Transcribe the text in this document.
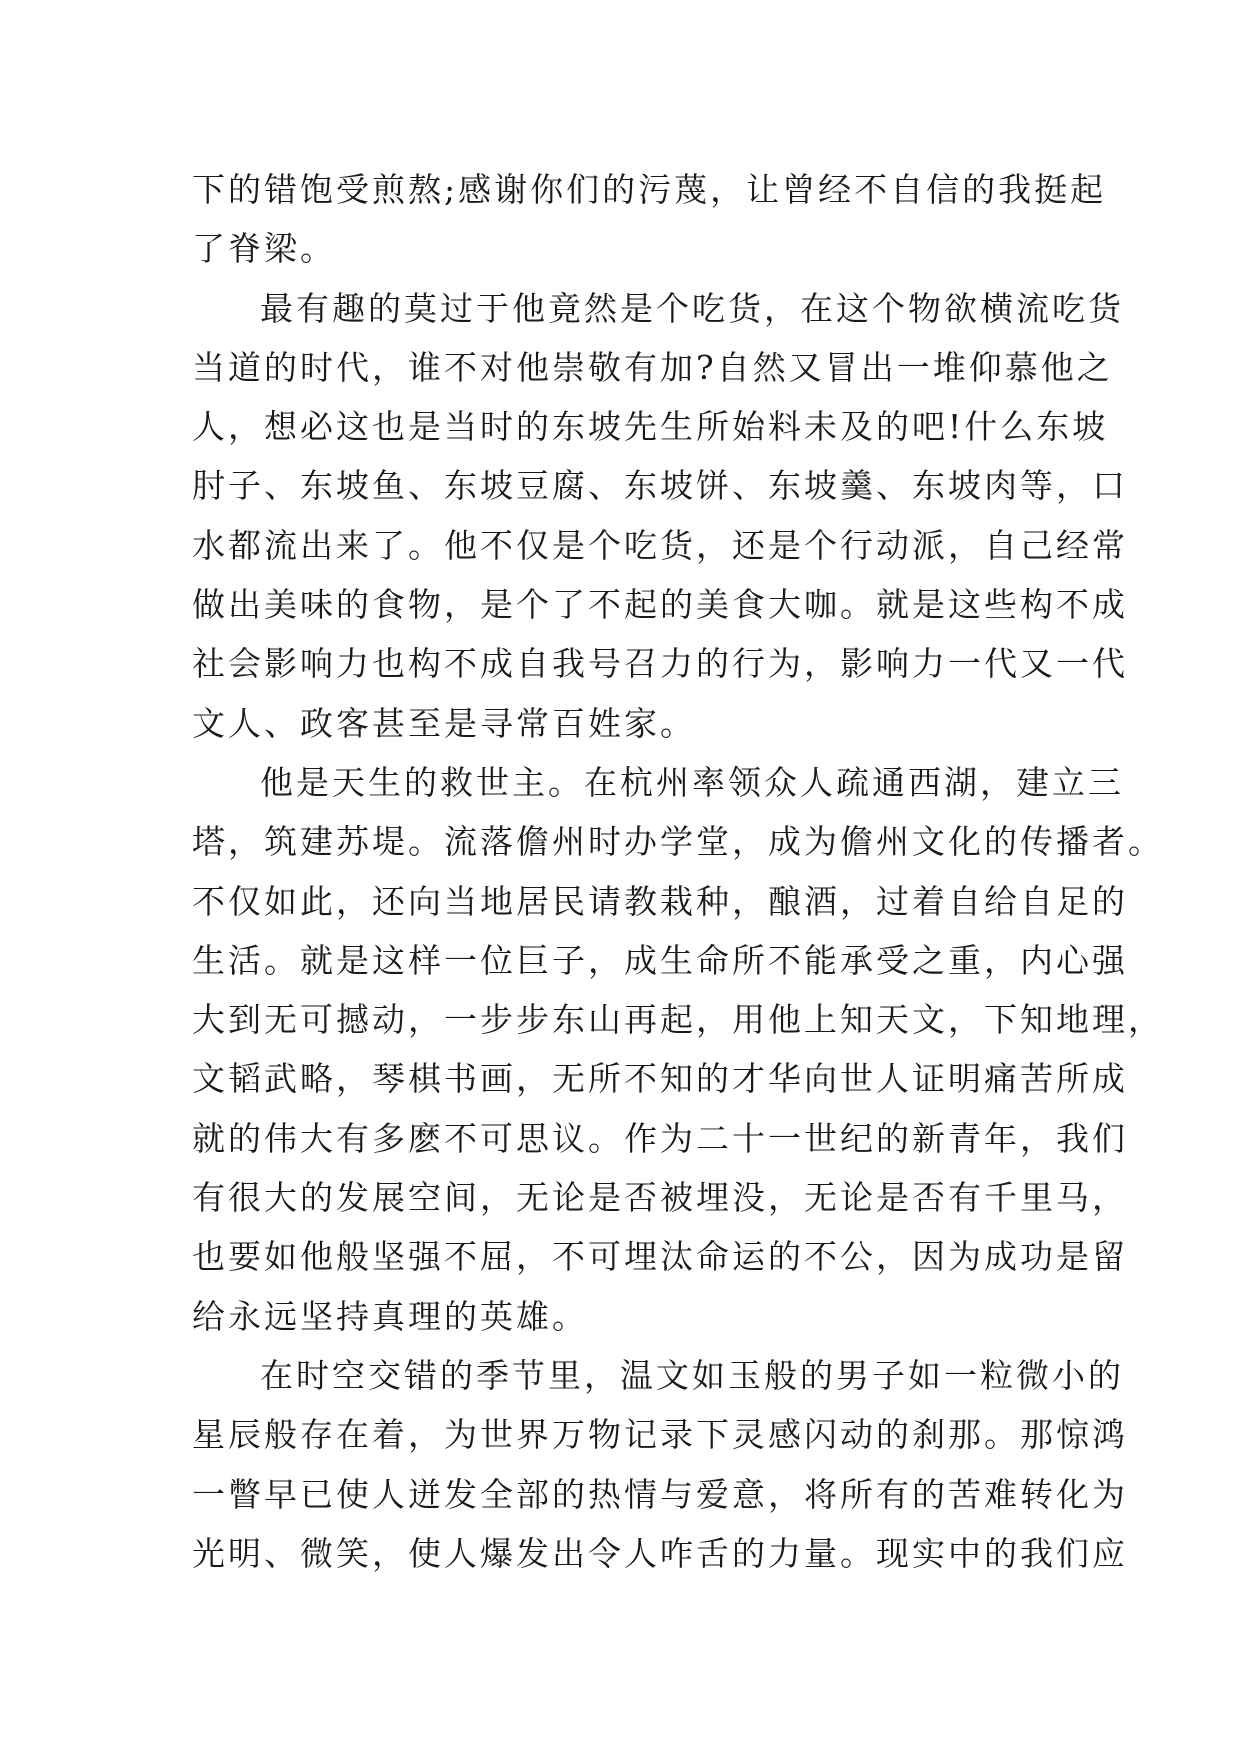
下的错饱受煎熬;感谢你们的污蔑，让曾经不自信的我挺起
了脊梁。
最有趣的莫过于他竟然是个吃货，在这个物欲横流吃货
当道的时代，谁不对他崇敬有加?自然又冒出一堆仰慕他之
人，想必这也是当时的东坡先生所始料未及的吧!什么东坡
肘子、东坡鱼、东坡豆腐、东坡饼、东坡羹、东坡肉等，口
水都流出来了。他不仅是个吃货，还是个行动派，自己经常
做出美味的食物，是个了不起的美食大咖。就是这些构不成
社会影响力也构不成自我号召力的行为，影响力一代又一代
文人、政客甚至是寻常百姓家。
他是天生的救世主。在杭州率领众人疏通西湖，建立三
塔，筑建苏堤。流落儋州时办学堂，成为儋州文化的传播者。
不仅如此，还向当地居民请教栽种，酿酒，过着自给自足的
生活。就是这样一位巨子，成生命所不能承受之重，内心强
大到无可撼动，一步步东山再起，用他上知天文，下知地理，
文韬武略，琴棋书画，无所不知的才华向世人证明痛苦所成
就的伟大有多麽不可思议。作为二十一世纪的新青年，我们
有很大的发展空间，无论是否被埋没，无论是否有千里马，
也要如他般坚强不屈，不可埋汰命运的不公，因为成功是留
给永远坚持真理的英雄。
在时空交错的季节里，温文如玉般的男子如一粒微小的
星辰般存在着，为世界万物记录下灵感闪动的刹那。那惊鸿
一瞥早已使人迸发全部的热情与爱意，将所有的苦难转化为
光明、微笑，使人爆发出令人咋舌的力量。现实中的我们应
